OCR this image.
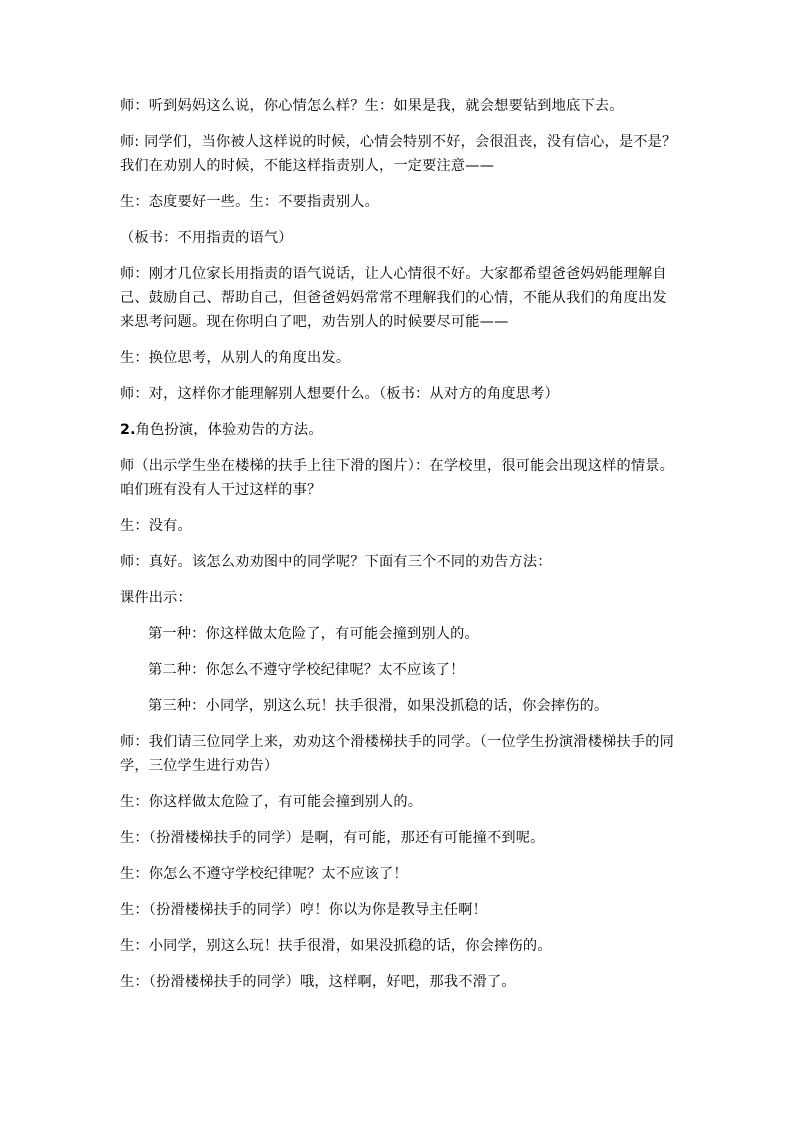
师：听到妈妈这么说，你心情怎么样？生：如果是我，就会想要钻到地底下去。

师: 同学们，当你被人这样说的时候，心情会特别不好，会很沮丧，没有信心，是不是？我们在劝别人的时候，不能这样指责别人，一定要注意——

生：态度要好一些。生：不要指责别人。

（板书：不用指责的语气）

师：刚才几位家长用指责的语气说话，让人心情很不好。大家都希望爸爸妈妈能理解自己、鼓励自己、帮助自己，但爸爸妈妈常常不理解我们的心情，不能从我们的角度出发来思考问题。现在你明白了吧，劝告别人的时候要尽可能——

生：换位思考，从别人的角度出发。

师：对，这样你才能理解别人想要什么。（板书：从对方的角度思考）

2.角色扮演，体验劝告的方法。

师（出示学生坐在楼梯的扶手上往下滑的图片）：在学校里，很可能会出现这样的情景。咱们班有没有人干过这样的事？

生：没有。

师：真好。该怎么劝劝图中的同学呢？下面有三个不同的劝告方法：

课件出示：

第一种：你这样做太危险了，有可能会撞到别人的。

第二种：你怎么不遵守学校纪律呢？太不应该了！

第三种：小同学，别这么玩！扶手很滑，如果没抓稳的话，你会摔伤的。

师：我们请三位同学上来，劝劝这个滑楼梯扶手的同学。（一位学生扮演滑楼梯扶手的同学，三位学生进行劝告）

生：你这样做太危险了，有可能会撞到别人的。

生：（扮滑楼梯扶手的同学）是啊，有可能，那还有可能撞不到呢。

生：你怎么不遵守学校纪律呢？太不应该了！

生：（扮滑楼梯扶手的同学）哼！你以为你是教导主任啊！

生：小同学，别这么玩！扶手很滑，如果没抓稳的话，你会摔伤的。

生：（扮滑楼梯扶手的同学）哦，这样啊，好吧，那我不滑了。
